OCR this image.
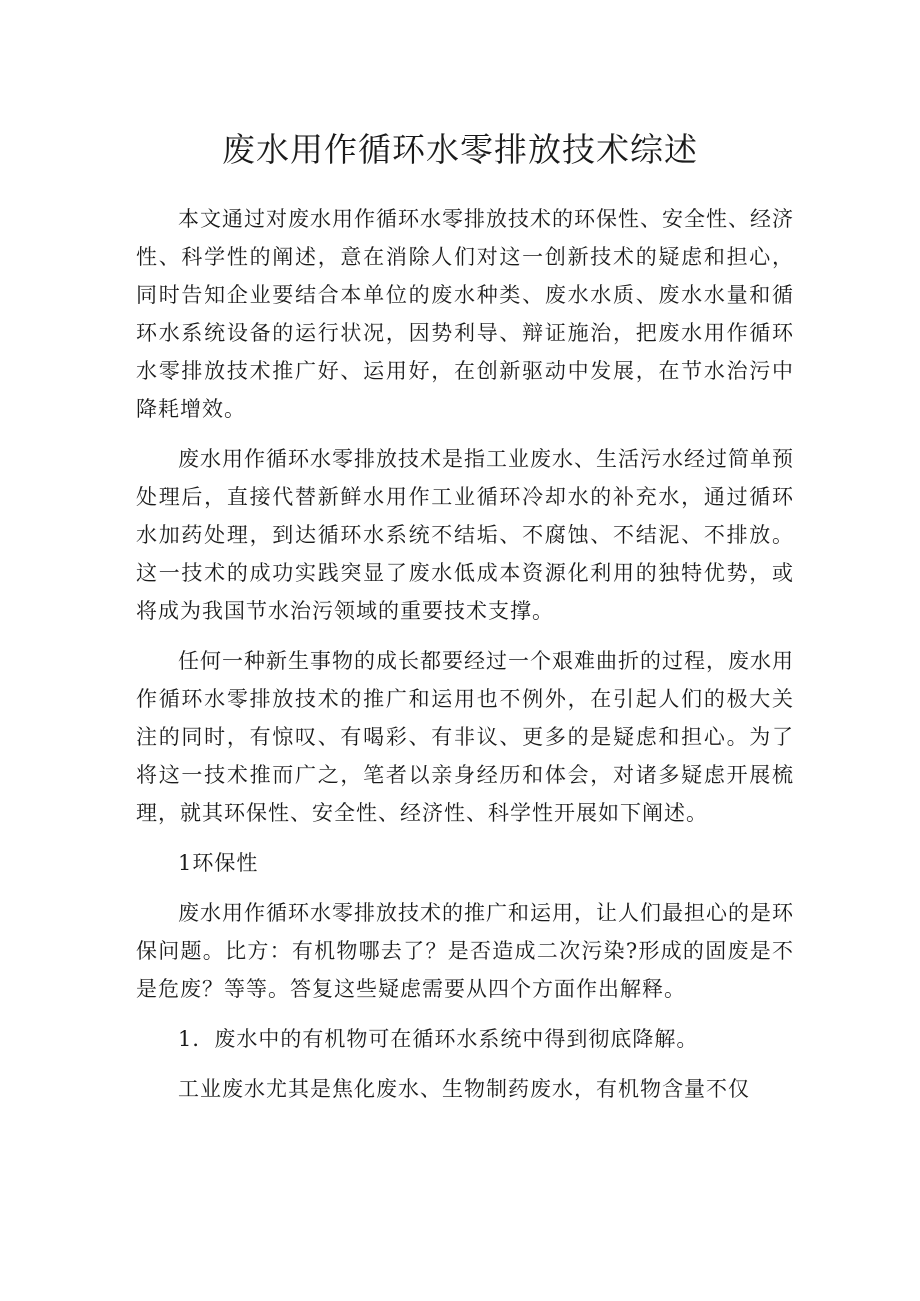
废水用作循环水零排放技术综述

本文通过对废水用作循环水零排放技术的环保性、安全性、经济性、科学性的阐述，意在消除人们对这一创新技术的疑虑和担心，同时告知企业要结合本单位的废水种类、废水水质、废水水量和循环水系统设备的运行状况，因势利导、辩证施治，把废水用作循环水零排放技术推广好、运用好，在创新驱动中发展，在节水治污中降耗增效。

废水用作循环水零排放技术是指工业废水、生活污水经过简单预处理后，直接代替新鲜水用作工业循环冷却水的补充水，通过循环水加药处理，到达循环水系统不结垢、不腐蚀、不结泥、不排放。这一技术的成功实践突显了废水低成本资源化利用的独特优势，或将成为我国节水治污领域的重要技术支撑。

任何一种新生事物的成长都要经过一个艰难曲折的过程，废水用作循环水零排放技术的推广和运用也不例外，在引起人们的极大关注的同时，有惊叹、有喝彩、有非议、更多的是疑虑和担心。为了将这一技术推而广之，笔者以亲身经历和体会，对诸多疑虑开展梳理，就其环保性、安全性、经济性、科学性开展如下阐述。

1环保性

废水用作循环水零排放技术的推广和运用，让人们最担心的是环保问题。比方：有机物哪去了？是否造成二次污染?形成的固废是不是危废？等等。答复这些疑虑需要从四个方面作出解释。

1．废水中的有机物可在循环水系统中得到彻底降解。

工业废水尤其是焦化废水、生物制药废水，有机物含量不仅
